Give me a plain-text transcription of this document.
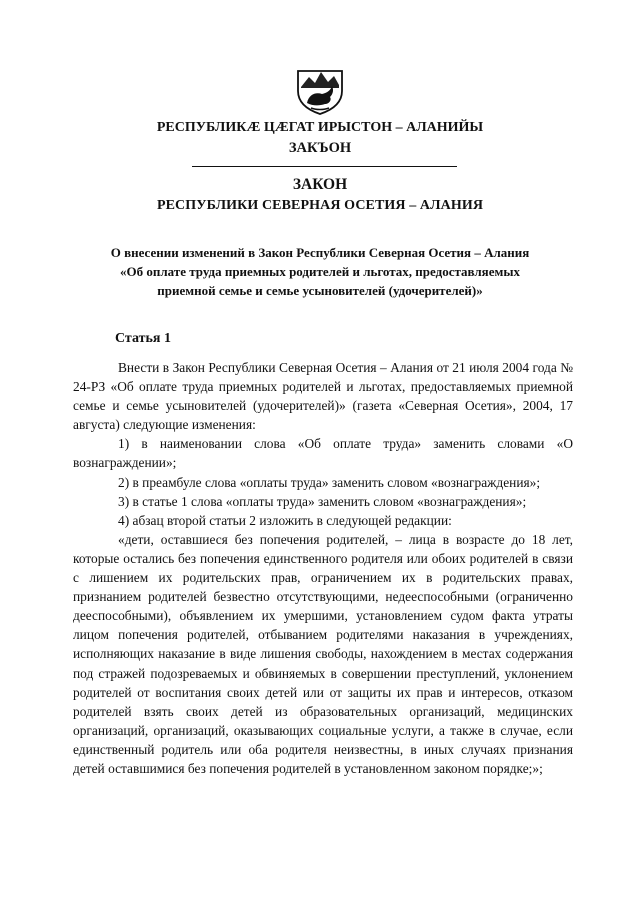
РЕСПУБЛИКÆ ЦÆГАТ ИРЫСТОН – АЛАНИЙЫ
ЗАКЪОН
ЗАКОН
РЕСПУБЛИКИ СЕВЕРНАЯ ОСЕТИЯ – АЛАНИЯ
О внесении изменений в Закон Республики Северная Осетия – Алания
«Об оплате труда приемных родителей и льготах, предоставляемых
приемной семье и семье усыновителей (удочерителей)»
Статья 1

Внести в Закон Республики Северная Осетия – Алания от 21 июля 2004 года № 24-РЗ «Об оплате труда приемных родителей и льготах, предоставляемых приемной семье и семье усыновителей (удочерителей)» (газета «Северная Осетия», 2004, 17 августа) следующие изменения:

1) в наименовании слова «Об оплате труда» заменить словами «О вознаграждении»;

2) в преамбуле слова «оплаты труда» заменить словом «вознаграждения»;

3) в статье 1 слова «оплаты труда» заменить словом «вознаграждения»;

4) абзац второй статьи 2 изложить в следующей редакции:

«дети, оставшиеся без попечения родителей, – лица в возрасте до 18 лет, которые остались без попечения единственного родителя или обоих родителей в связи с лишением их родительских прав, ограничением их в родительских правах, признанием родителей безвестно отсутствующими, недееспособными (ограниченно дееспособными), объявлением их умершими, установлением судом факта утраты лицом попечения родителей, отбыванием родителями наказания в учреждениях, исполняющих наказание в виде лишения свободы, нахождением в местах содержания под стражей подозреваемых и обвиняемых в совершении преступлений, уклонением родителей от воспитания своих детей или от защиты их прав и интересов, отказом родителей взять своих детей из образовательных организаций, медицинских организаций, организаций, оказывающих социальные услуги, а также в случае, если единственный родитель или оба родителя неизвестны, в иных случаях признания детей оставшимися без попечения родителей в установленном законом порядке;»;
